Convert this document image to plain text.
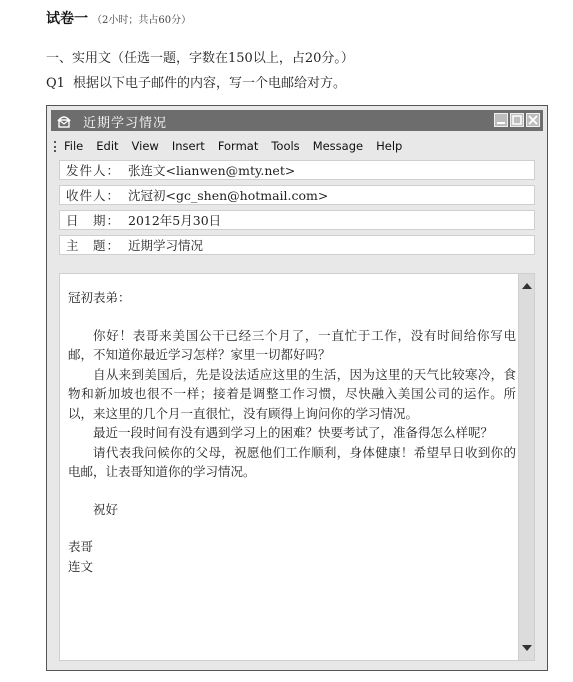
试卷一 （2小时；共占60分）
一、实用文（任选一题，字数在150以上，占20分。）
Q1 根据以下电子邮件的内容，写一个电邮给对方。
近期学习情况
File Edit View Insert Format Tools Message Help
发件人： 张连文<lianwen@mty.net>
收件人： 沈冠初<gc_shen@hotmail.com>
日　期： 2012年5月30日
主　题： 近期学习情况

冠初表弟：

你好！表哥来美国公干已经三个月了，一直忙于工作，没有时间给你写电邮，不知道你最近学习怎样？家里一切都好吗？

自从来到美国后，先是设法适应这里的生活，因为这里的天气比较寒冷，食物和新加坡也很不一样；接着是调整工作习惯，尽快融入美国公司的运作。所以，来这里的几个月一直很忙，没有顾得上询问你的学习情况。

最近一段时间有没有遇到学习上的困难？快要考试了，准备得怎么样呢？

请代表我问候你的父母，祝愿他们工作顺利，身体健康！希望早日收到你的电邮，让表哥知道你的学习情况。

祝好

表哥

连文
